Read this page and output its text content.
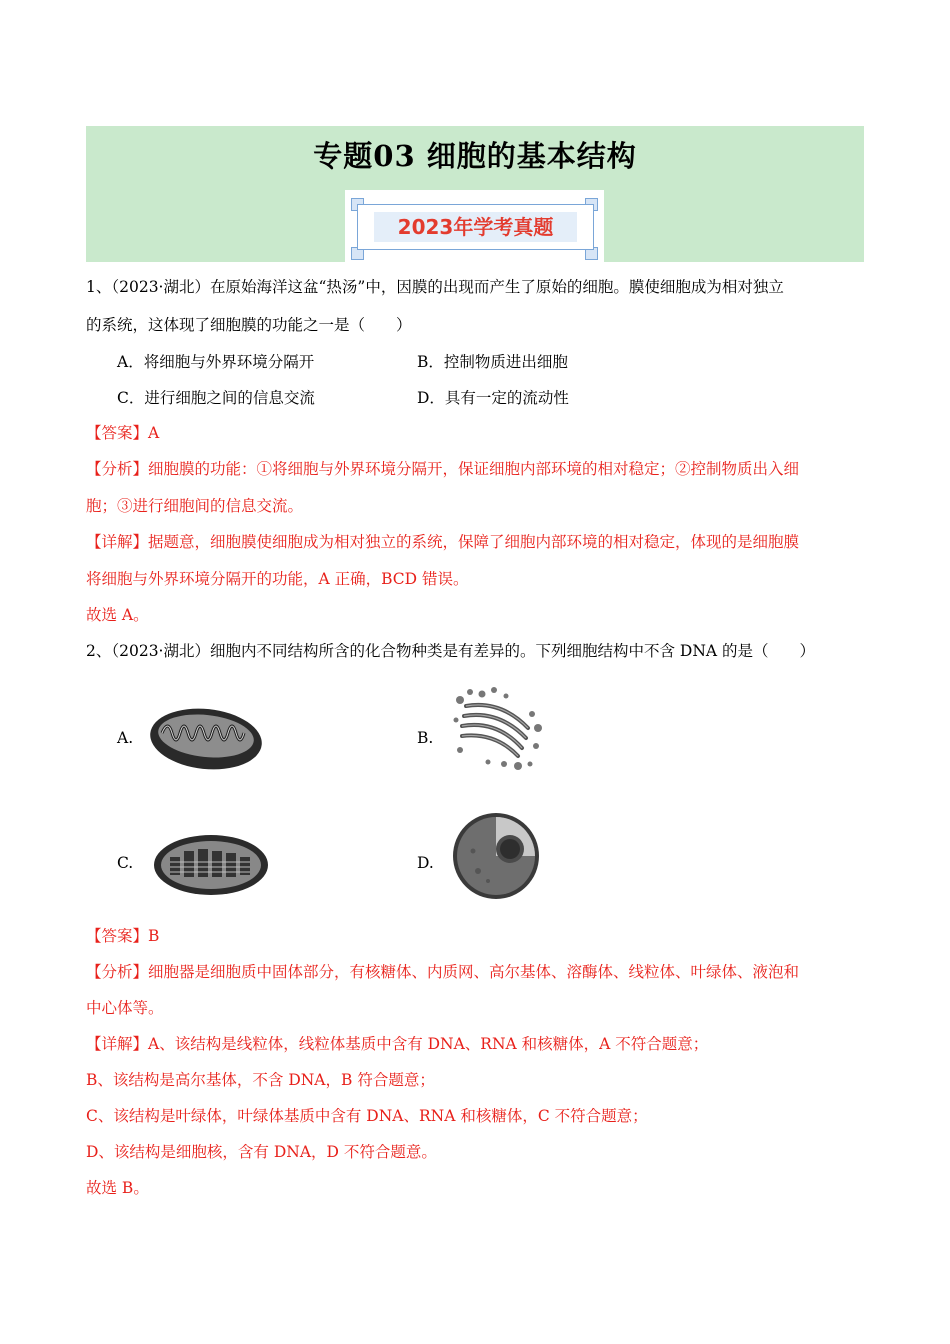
专题03 细胞的基本结构
2023年学考真题
1、（2023·湖北）在原始海洋这盆“热汤”中，因膜的出现而产生了原始的细胞。膜使细胞成为相对独立
的系统，这体现了细胞膜的功能之一是（　　）
A．将细胞与外界环境分隔开	B．控制物质进出细胞
C．进行细胞之间的信息交流	D．具有一定的流动性
【答案】A
【分析】细胞膜的功能：①将细胞与外界环境分隔开，保证细胞内部环境的相对稳定；②控制物质出入细
胞；③进行细胞间的信息交流。
【详解】据题意，细胞膜使细胞成为相对独立的系统，保障了细胞内部环境的相对稳定，体现的是细胞膜
将细胞与外界环境分隔开的功能，A 正确，BCD 错误。
故选 A。
2、（2023·湖北）细胞内不同结构所含的化合物种类是有差异的。下列细胞结构中不含 DNA 的是（　　）
A.	B.
C.	D.
【答案】B
【分析】细胞器是细胞质中固体部分，有核糖体、内质网、高尔基体、溶酶体、线粒体、叶绿体、液泡和
中心体等。
【详解】A、该结构是线粒体，线粒体基质中含有 DNA、RNA 和核糖体，A 不符合题意；
B、该结构是高尔基体，不含 DNA，B 符合题意；
C、该结构是叶绿体，叶绿体基质中含有 DNA、RNA 和核糖体，C 不符合题意；
D、该结构是细胞核，含有 DNA，D 不符合题意。
故选 B。
